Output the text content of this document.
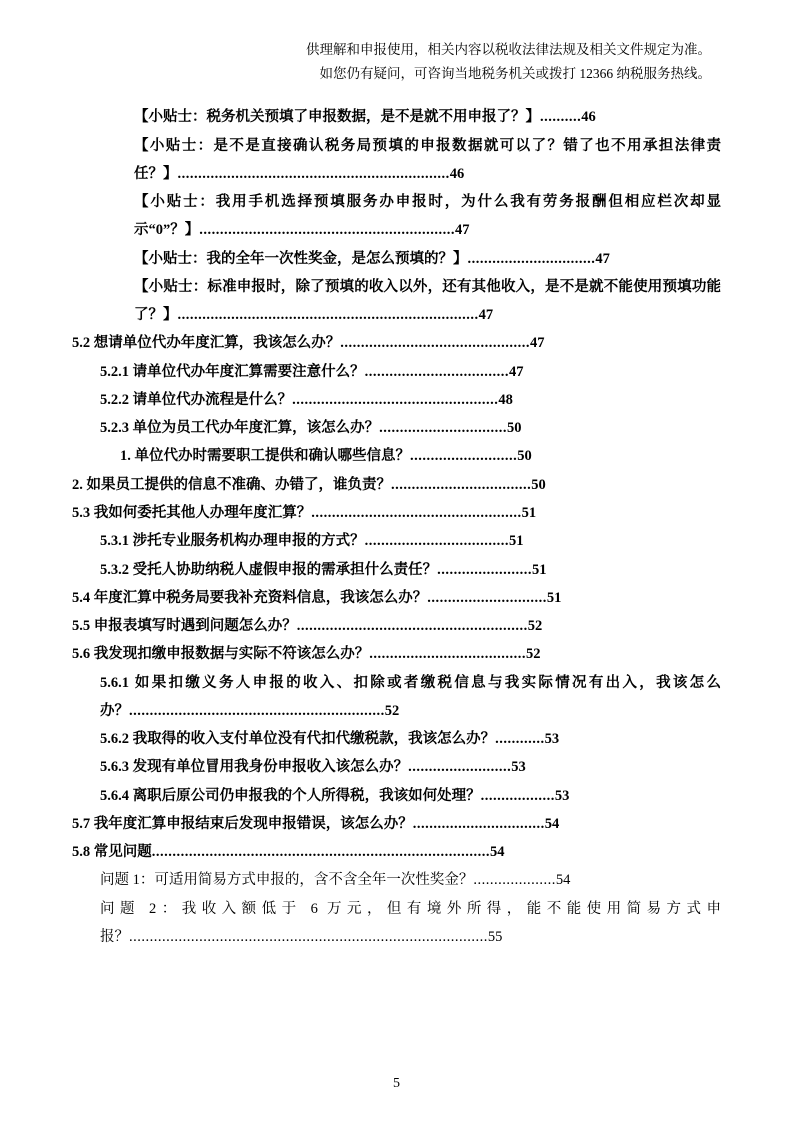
供理解和申报使用，相关内容以税收法律法规及相关文件规定为准。
如您仍有疑问，可咨询当地税务机关或拨打 12366 纳税服务热线。
【小贴士：税务机关预填了申报数据，是不是就不用申报了？】..........46
【小贴士：是不是直接确认税务局预填的申报数据就可以了？错了也不用承担法律责任？】..................................................................46
【小贴士：我用手机选择预填服务办申报时，为什么我有劳务报酬但相应栏次却显示“0”？】..............................................................47
【小贴士：我的全年一次性奖金，是怎么预填的？】...............................47
【小贴士：标准申报时，除了预填的收入以外，还有其他收入，是不是就不能使用预填功能了？】.........................................................................47
5.2 想请单位代办年度汇算，我该怎么办？..............................................47
5.2.1 请单位代办年度汇算需要注意什么？...................................47
5.2.2 请单位代办流程是什么？..................................................48
5.2.3 单位为员工代办年度汇算，该怎么办？...............................50
1. 单位代办时需要职工提供和确认哪些信息？..........................50
2. 如果员工提供的信息不准确、办错了，谁负责？..................................50
5.3 我如何委托其他人办理年度汇算？...................................................51
5.3.1 涉托专业服务机构办理申报的方式？...................................51
5.3.2 受托人协助纳税人虚假申报的需承担什么责任？.......................51
5.4 年度汇算中税务局要我补充资料信息，我该怎么办？.............................51
5.5 申报表填写时遇到问题怎么办？........................................................52
5.6 我发现扣缴申报数据与实际不符该怎么办？......................................52
5.6.1 如果扣缴义务人申报的收入、扣除或者缴税信息与我实际情况有出入，我该怎么办？..............................................................52
5.6.2 我取得的收入支付单位没有代扣代缴税款，我该怎么办？............53
5.6.3 发现有单位冒用我身份申报收入该怎么办？.........................53
5.6.4 离职后原公司仍申报我的个人所得税，我该如何处理？..................53
5.7 我年度汇算申报结束后发现申报错误，该怎么办？................................54
5.8 常见问题..................................................................................54
问题 1：可适用简易方式申报的，含不含全年一次性奖金？....................54
问题 2：我收入额低于 6 万元，但有境外所得，能不能使用简易方式申报？.......................................................................................55
5
